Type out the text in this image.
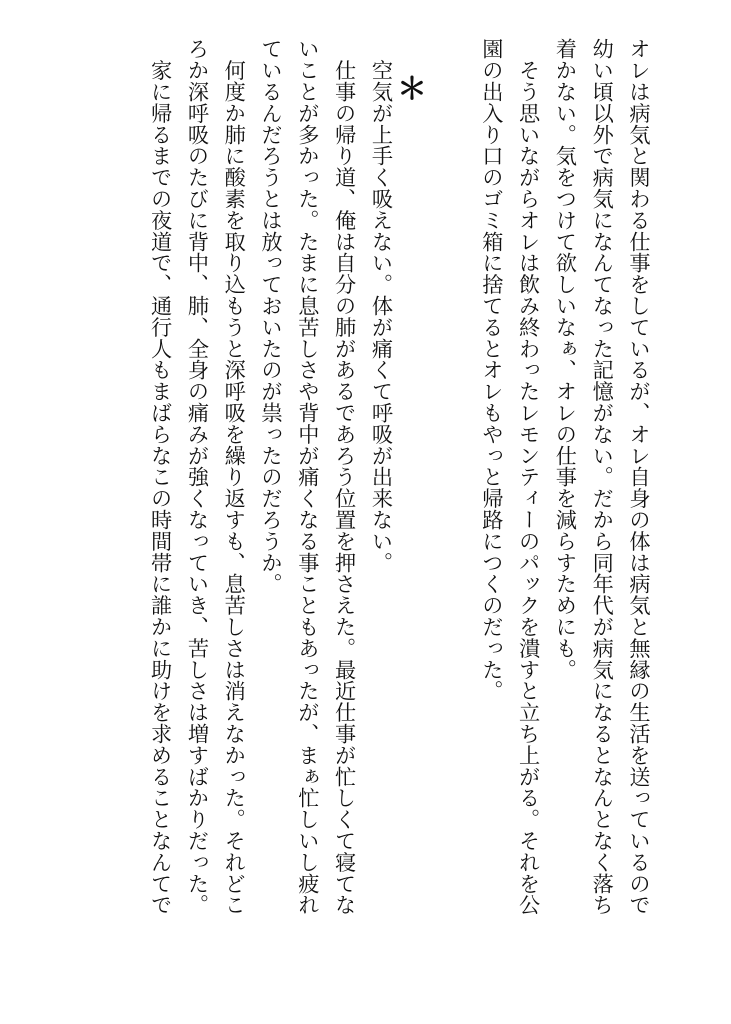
オレは病気と関わる仕事をしているが、オレ自身の体は病気と無縁の生活を送っているので
幼い頃以外で病気になんてなった記憶がない。だから同年代が病気になるとなんとなく落ち
着かない。気をつけて欲しいなぁ、オレの仕事を減らすためにも。

　そう思いながらオレは飲み終わったレモンティーのパックを潰すと立ち上がる。それを公
園の出入り口のゴミ箱に捨てるとオレもやっと帰路につくのだった。

　空気が上手く吸えない。体が痛くて呼吸が出来ない。

　仕事の帰り道、俺は自分の肺があるであろう位置を押さえた。最近仕事が忙しくて寝てな
いことが多かった。たまに息苦しさや背中が痛くなる事こともあったが、まぁ忙しいし疲れ
ているんだろうとは放っておいたのが祟ったのだろうか。

　何度か肺に酸素を取り込もうと深呼吸を繰り返すも、息苦しさは消えなかった。それどこ
ろか深呼吸のたびに背中、肺、全身の痛みが強くなっていき、苦しさは増すばかりだった。

　家に帰るまでの夜道で、通行人もまばらなこの時間帯に誰かに助けを求めることなんてで	＊
